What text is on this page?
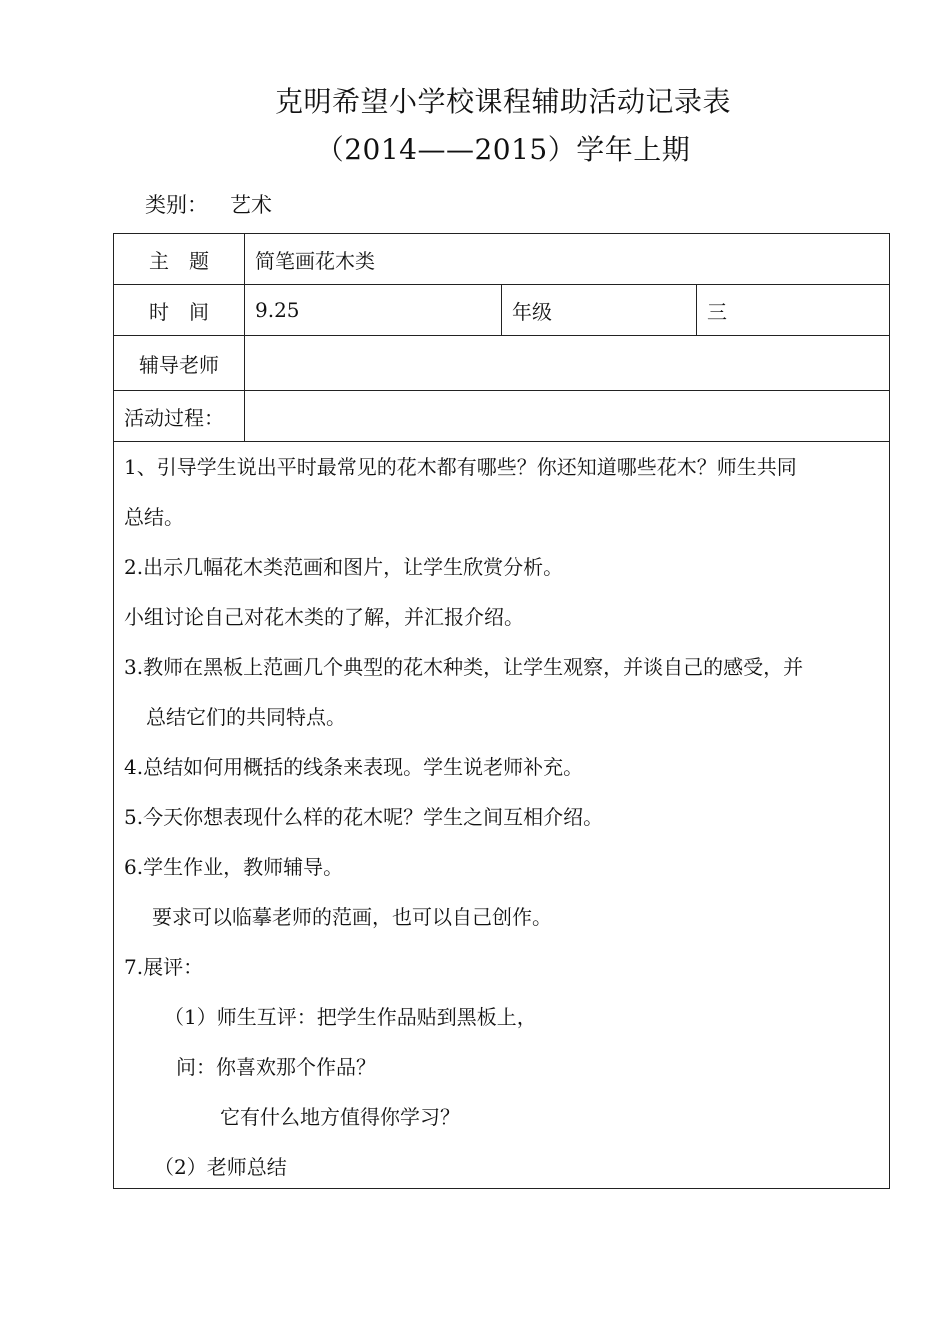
克明希望小学校课程辅助活动记录表
（2014——2015）学年上期
类别： 艺术
主　题	简笔画花木类
时　间	9.25	年级	三
辅导老师
活动过程：
1、引导学生说出平时最常见的花木都有哪些？你还知道哪些花木？师生共同
总结。
2.出示几幅花木类范画和图片，让学生欣赏分析。
小组讨论自己对花木类的了解，并汇报介绍。
3.教师在黑板上范画几个典型的花木种类，让学生观察，并谈自己的感受，并
总结它们的共同特点。
4.总结如何用概括的线条来表现。学生说老师补充。
5.今天你想表现什么样的花木呢？学生之间互相介绍。
6.学生作业，教师辅导。
要求可以临摹老师的范画，也可以自己创作。
7.展评：
（1）师生互评：把学生作品贴到黑板上，
问：你喜欢那个作品？
它有什么地方值得你学习？
（2）老师总结
